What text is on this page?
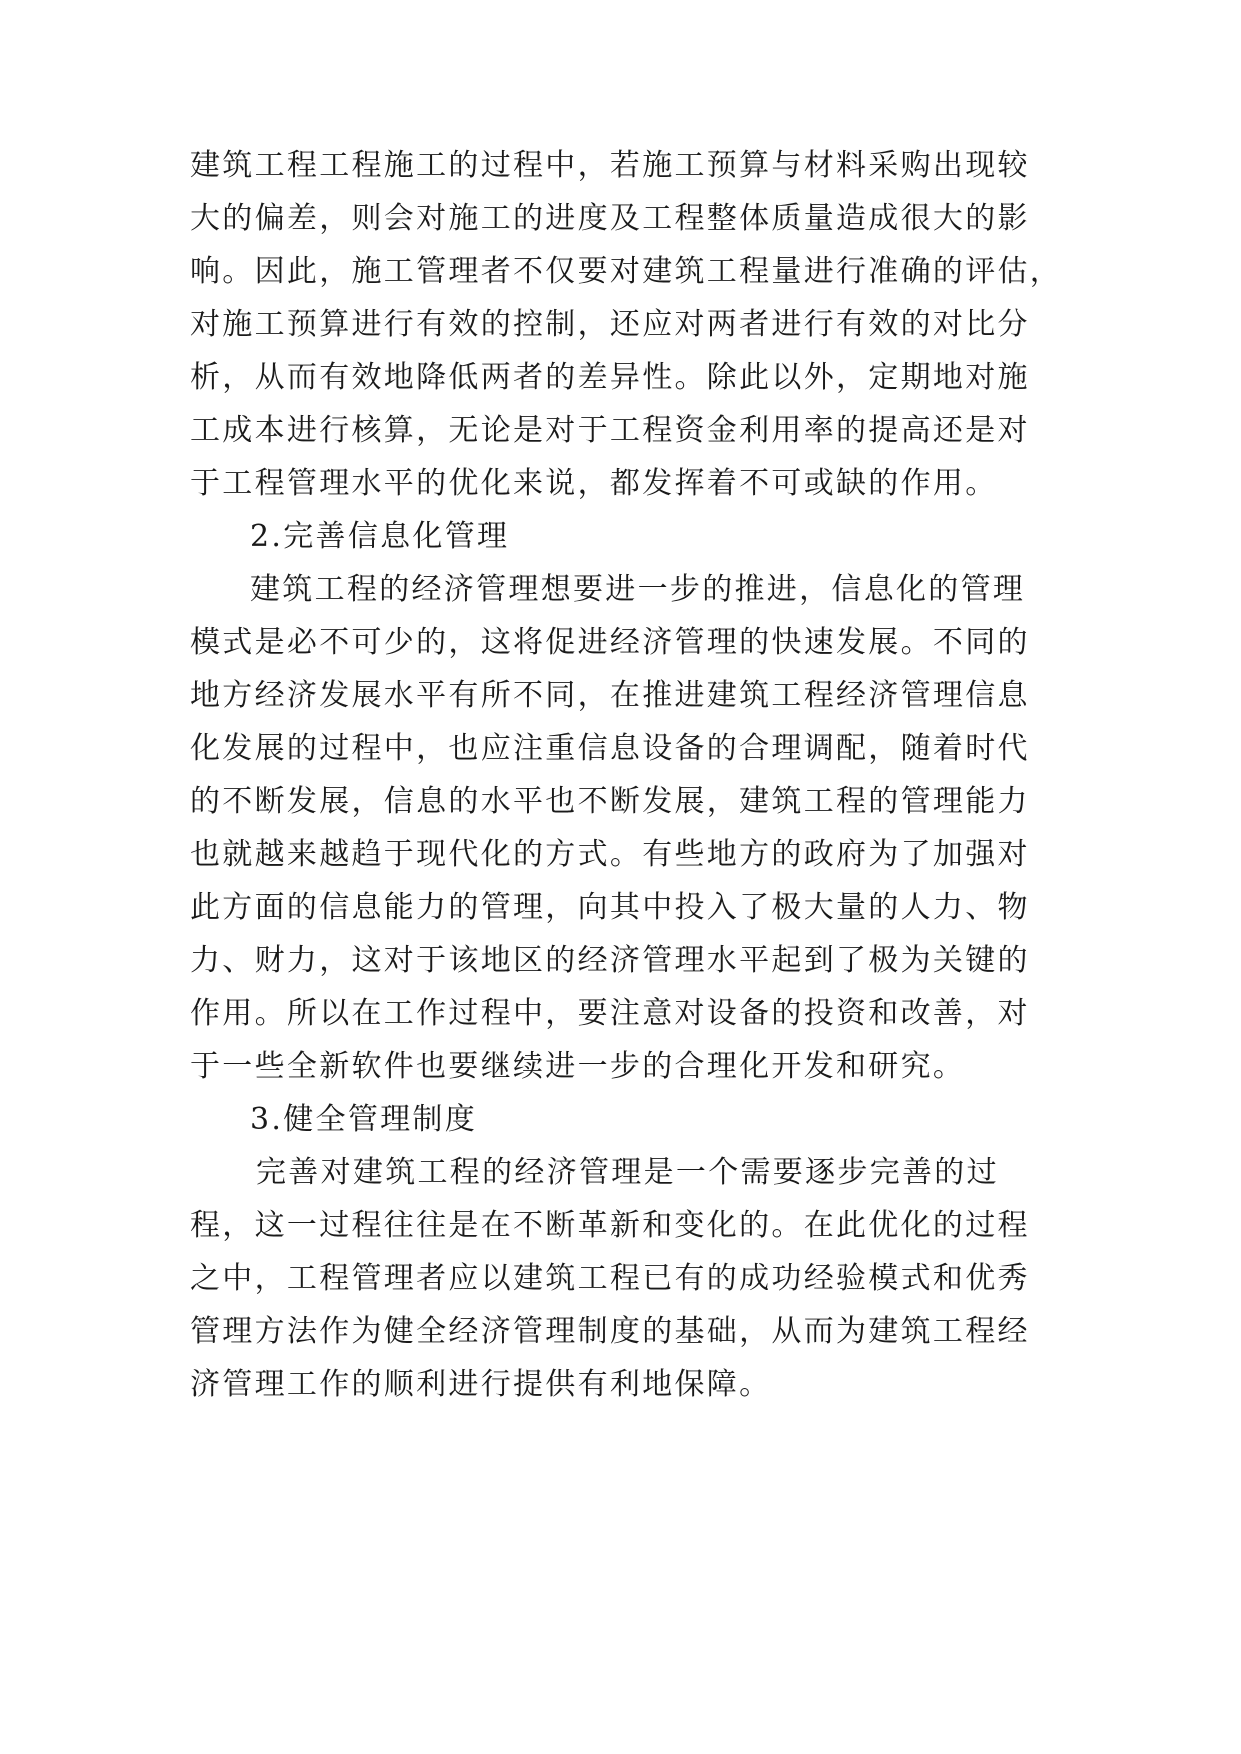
建筑工程工程施工的过程中，若施工预算与材料采购出现较
大的偏差，则会对施工的进度及工程整体质量造成很大的影
响。因此，施工管理者不仅要对建筑工程量进行准确的评估，
对施工预算进行有效的控制，还应对两者进行有效的对比分
析，从而有效地降低两者的差异性。除此以外，定期地对施
工成本进行核算，无论是对于工程资金利用率的提高还是对
于工程管理水平的优化来说，都发挥着不可或缺的作用。
2.完善信息化管理
建筑工程的经济管理想要进一步的推进，信息化的管理
模式是必不可少的，这将促进经济管理的快速发展。不同的
地方经济发展水平有所不同，在推进建筑工程经济管理信息
化发展的过程中，也应注重信息设备的合理调配，随着时代
的不断发展，信息的水平也不断发展，建筑工程的管理能力
也就越来越趋于现代化的方式。有些地方的政府为了加强对
此方面的信息能力的管理，向其中投入了极大量的人力、物
力、财力，这对于该地区的经济管理水平起到了极为关键的
作用。所以在工作过程中，要注意对设备的投资和改善，对
于一些全新软件也要继续进一步的合理化开发和研究。
3.健全管理制度
完善对建筑工程的经济管理是一个需要逐步完善的过
程，这一过程往往是在不断革新和变化的。在此优化的过程
之中，工程管理者应以建筑工程已有的成功经验模式和优秀
管理方法作为健全经济管理制度的基础，从而为建筑工程经
济管理工作的顺利进行提供有利地保障。
